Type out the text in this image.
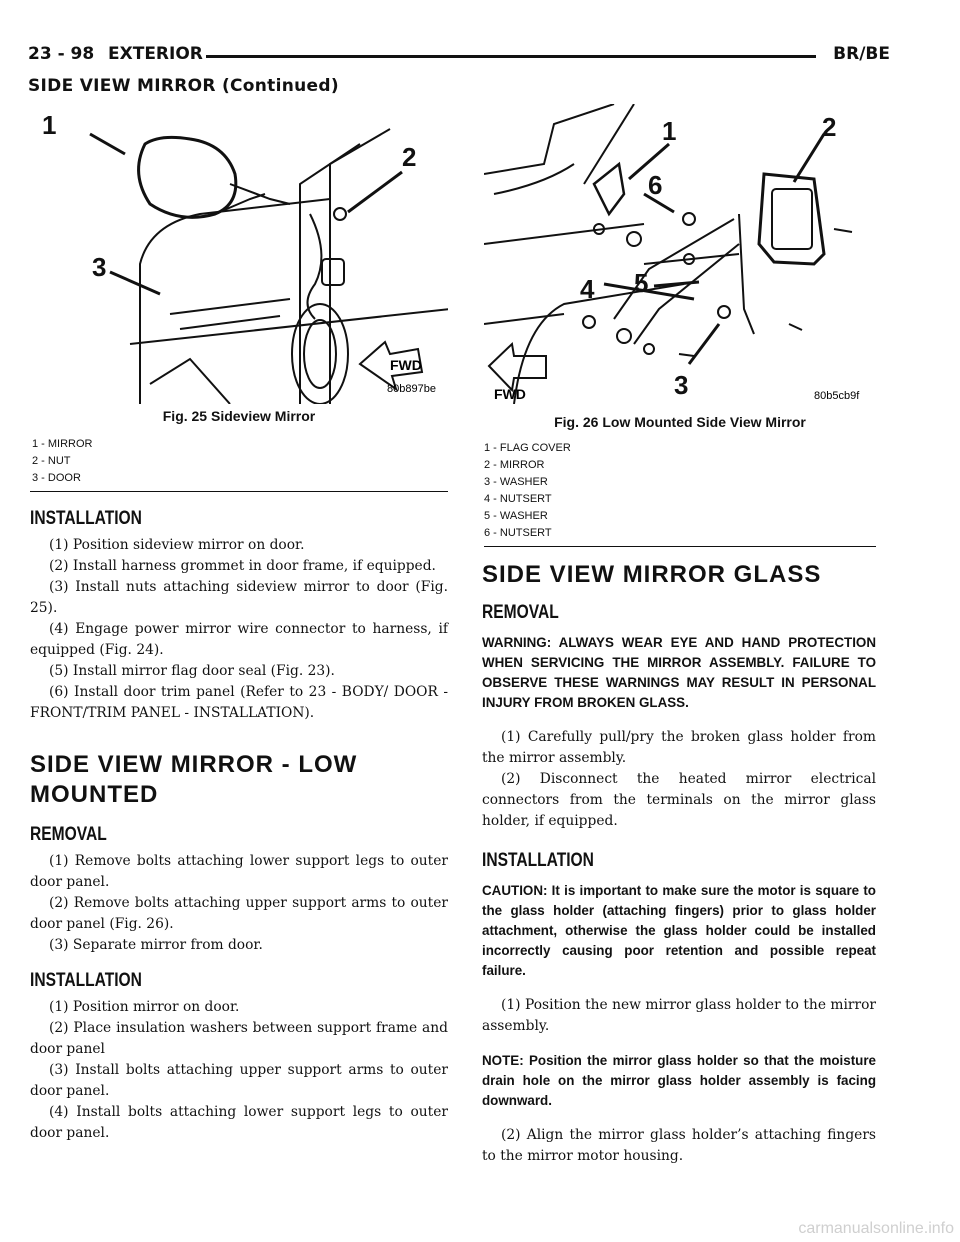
23 - 98 EXTERIOR	BR/BE
SIDE VIEW MIRROR (Continued)
1
2
3
FWD
80b897be
Fig. 25 Sideview Mirror
1 - MIRROR
2 - NUT
3 - DOOR
1	2
6
5
4
3
FWD	80b5cb9f
Fig. 26 Low Mounted Side View Mirror
1 - FLAG COVER
2 - MIRROR
3 - WASHER
4 - NUTSERT
5 - WASHER
6 - NUTSERT
INSTALLATION

(1) Position sideview mirror on door.

(2) Install harness grommet in door frame, if equipped.

(3) Install nuts attaching sideview mirror to door (Fig. 25).

(4) Engage power mirror wire connector to harness, if equipped (Fig. 24).

(5) Install mirror flag door seal (Fig. 23).

(6) Install door trim panel (Refer to 23 - BODY/ DOOR - FRONT/TRIM PANEL - INSTALLATION).

SIDE VIEW MIRROR - LOW MOUNTED
REMOVAL

(1) Remove bolts attaching lower support legs to outer door panel.

(2) Remove bolts attaching upper support arms to outer door panel (Fig. 26).

(3) Separate mirror from door.

INSTALLATION

(1) Position mirror on door.

(2) Place insulation washers between support frame and door panel

(3) Install bolts attaching upper support arms to outer door panel.

(4) Install bolts attaching lower support legs to outer door panel.

SIDE VIEW MIRROR GLASS
REMOVAL

WARNING: ALWAYS WEAR EYE AND HAND PROTECTION WHEN SERVICING THE MIRROR ASSEMBLY. FAILURE TO OBSERVE THESE WARNINGS MAY RESULT IN PERSONAL INJURY FROM BROKEN GLASS.

(1) Carefully pull/pry the broken glass holder from the mirror assembly.

(2) Disconnect the heated mirror electrical connectors from the terminals on the mirror glass holder, if equipped.

INSTALLATION

CAUTION: It is important to make sure the motor is square to the glass holder (attaching fingers) prior to glass holder attachment, otherwise the glass holder could be installed incorrectly causing poor retention and possible repeat failure.

(1) Position the new mirror glass holder to the mirror assembly.

NOTE: Position the mirror glass holder so that the moisture drain hole on the mirror glass holder assembly is facing downward.

(2) Align the mirror glass holder’s attaching fingers to the mirror motor housing.

carmanualsonline.info
